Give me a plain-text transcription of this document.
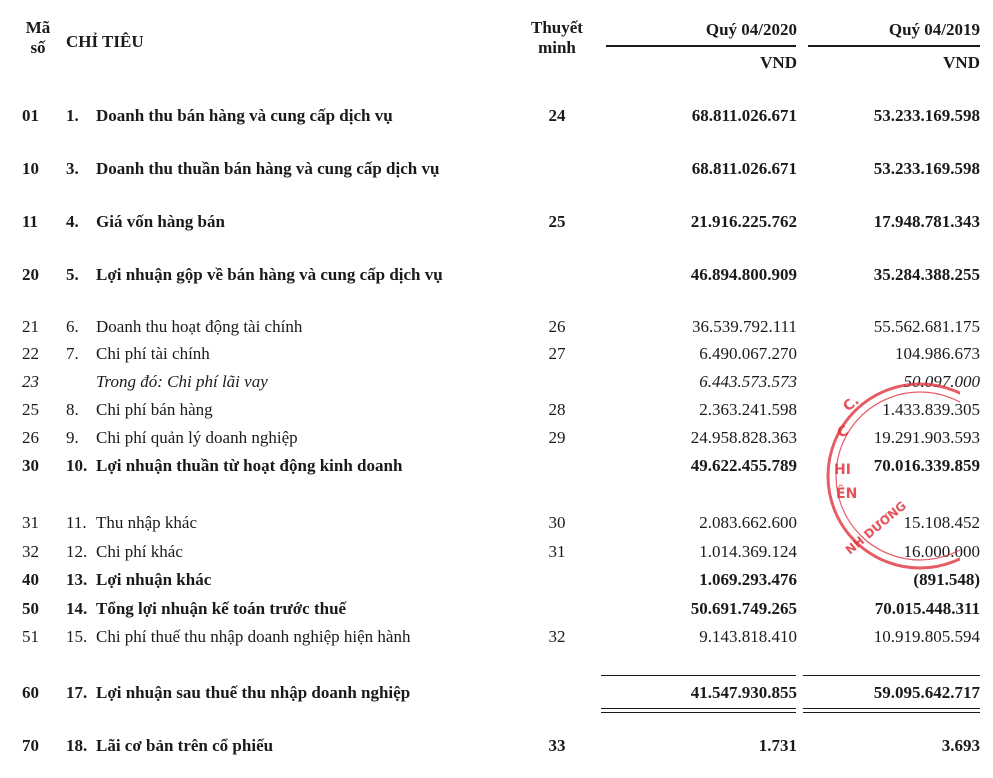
Mã
số	CHỈ TIÊU
Thuyết
minh
Quý 04/2020	Quý 04/2019
VND	VND
01	1.	Doanh thu bán hàng và cung cấp dịch vụ	24	68.811.026.671	53.233.169.598
10	3.	Doanh thu thuần bán hàng và cung cấp dịch vụ	68.811.026.671	53.233.169.598
11	4.	Giá vốn hàng bán	25	21.916.225.762	17.948.781.343
20	5.	Lợi nhuận gộp về bán hàng và cung cấp dịch vụ	46.894.800.909	35.284.388.255
21	6.	Doanh thu hoạt động tài chính	26	36.539.792.111	55.562.681.175
22	7.	Chi phí tài chính	27	6.490.067.270	104.986.673
23	Trong đó: Chi phí lãi vay	6.443.573.573	50.097.000
25	8.	Chi phí bán hàng	28	2.363.241.598	1.433.839.305
26	9.	Chi phí quản lý doanh nghiệp	29	24.958.828.363	19.291.903.593
30	10. Lợi nhuận thuần từ hoạt động kinh doanh	49.622.455.789	70.016.339.859
31	11. Thu nhập khác	30	2.083.662.600	15.108.452
32	12. Chi phí khác	31	1.014.369.124	16.000.000
40	13. Lợi nhuận khác	1.069.293.476	(891.548)
50	14. Tổng lợi nhuận kế toán trước thuế	50.691.749.265	70.015.448.311
51	15. Chi phí thuế thu nhập doanh nghiệp hiện hành	32	9.143.818.410	10.919.805.594
60	17. Lợi nhuận sau thuế thu nhập doanh nghiệp	41.547.930.855	59.095.642.717
70	18. Lãi cơ bản trên cổ phiếu	33	1.731	3.693
C.
C
HI
ÊN
NH DƯƠNG
